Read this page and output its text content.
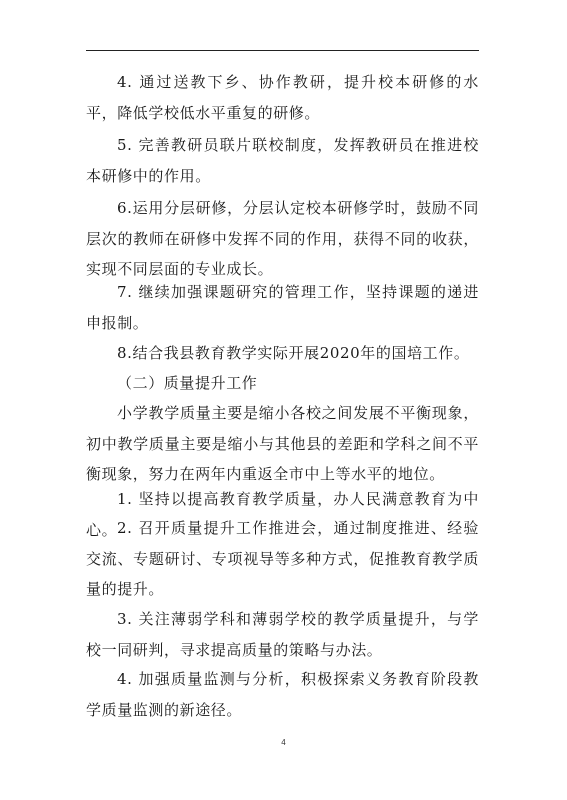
4. 通过送教下乡、协作教研，提升校本研修的水平，降低学校低水平重复的研修。

5. 完善教研员联片联校制度，发挥教研员在推进校本研修中的作用。

6.运用分层研修，分层认定校本研修学时，鼓励不同层次的教师在研修中发挥不同的作用，获得不同的收获，实现不同层面的专业成长。

7. 继续加强课题研究的管理工作，坚持课题的递进申报制。

8.结合我县教育教学实际开展2020年的国培工作。

（二）质量提升工作

小学教学质量主要是缩小各校之间发展不平衡现象，初中教学质量主要是缩小与其他县的差距和学科之间不平衡现象，努力在两年内重返全市中上等水平的地位。

1. 坚持以提高教育教学质量，办人民满意教育为中心。 2. 召开质量提升工作推进会，通过制度推进、经验交流、专题研讨、专项视导等多种方式，促推教育教学质量的提升。

3. 关注薄弱学科和薄弱学校的教学质量提升，与学校一同研判，寻求提高质量的策略与办法。

4. 加强质量监测与分析，积极探索义务教育阶段教学质量监测的新途径。

4
